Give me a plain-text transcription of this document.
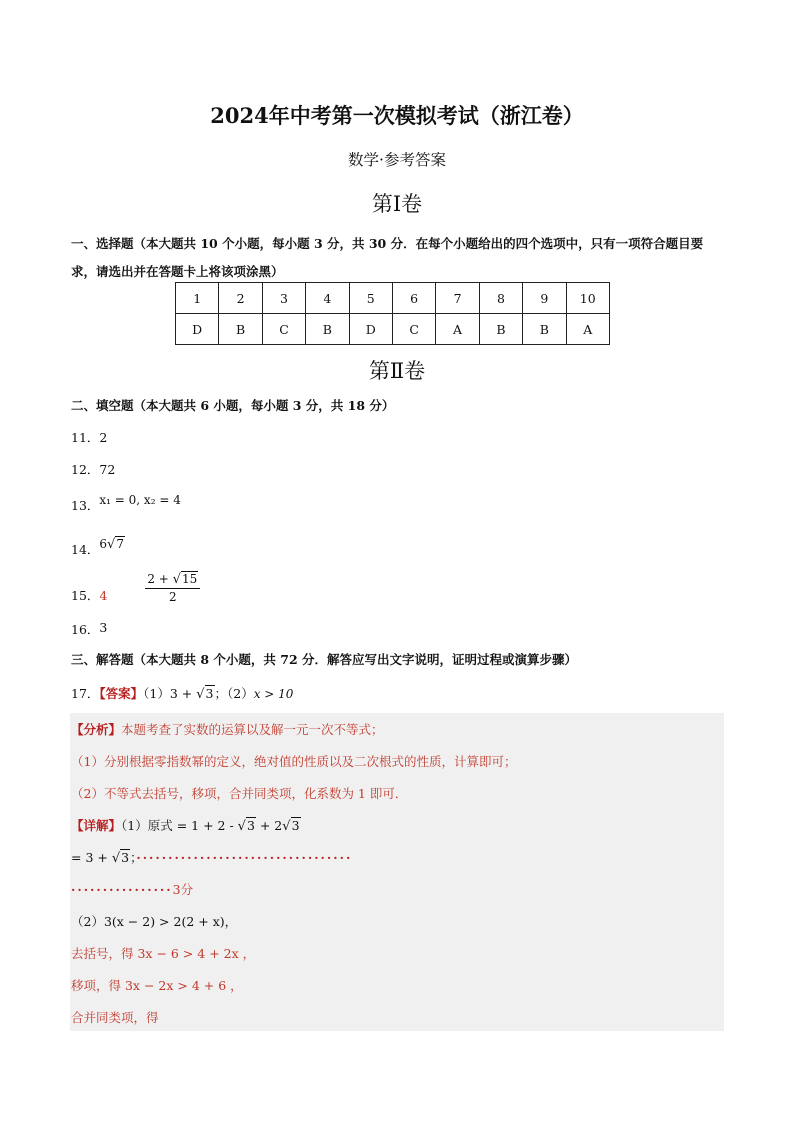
2024年中考第一次模拟考试（浙江卷）
数学·参考答案
第Ⅰ卷
一、选择题（本大题共 10 个小题，每小题 3 分，共 30 分．在每个小题给出的四个选项中，只有一项符合题目要求，请选出并在答题卡上将该项涂黑）
1	2	3	4	5	6	7	8	9	10
D	B	C	B	D	C	A	B	B	A
第Ⅱ卷
二、填空题（本大题共 6 小题，每小题 3 分，共 18 分）
11．2
12．72
13．x₁ = 0, x₂ = 4
14．6√7
15．4	$\frac{2 + √15}{2}$
16．3
三、解答题（本大题共 8 个小题，共 72 分．解答应写出文字说明，证明过程或演算步骤）
17．【答案】（1）3 + √3；（2）x > 10
【分析】本题考查了实数的运算以及解一元一次不等式；
（1）分别根据零指数幂的定义，绝对值的性质以及二次根式的性质，计算即可；
（2）不等式去括号，移项，合并同类项，化系数为 1 即可．
【详解】（1）原式 = 1 + 2 - √3 + 2√3
= 3 + √3；··································
················3分
（2）3(x − 2) > 2(2 + x)，
去括号，得 3x − 6 > 4 + 2x ，
移项，得 3x − 2x > 4 + 6 ，
合并同类项，得
